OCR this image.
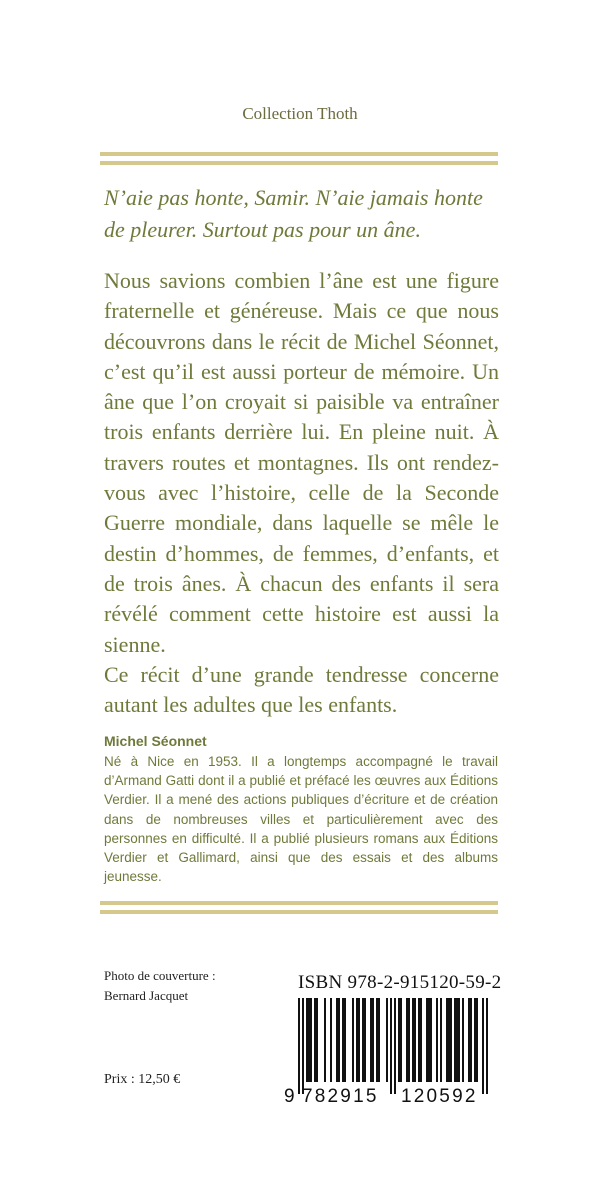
Collection Thoth
N’aie pas honte, Samir. N’aie jamais honte
de pleurer. Surtout pas pour un âne.

Nous savions combien l’âne est une figure fraternelle et généreuse. Mais ce que nous découvrons dans le récit de Michel Séonnet, c’est qu’il est aussi porteur de mémoire. Un âne que l’on croyait si paisible va entraîner trois enfants derrière lui. En pleine nuit. À travers routes et montagnes. Ils ont rendez-vous avec l’histoire, celle de la Seconde Guerre mondiale, dans laquelle se mêle le destin d’hommes, de femmes, d’enfants, et de trois ânes. À chacun des enfants il sera révélé comment cette histoire est aussi la sienne.

Ce récit d’une grande tendresse concerne autant les adultes que les enfants.

Michel Séonnet
Né à Nice en 1953. Il a longtemps accompagné le travail d’Armand Gatti dont il a publié et préfacé les œuvres aux Éditions Verdier. Il a mené des actions publiques d’écriture et de création dans de nombreuses villes et particulièrement avec des personnes en difficulté. Il a publié plusieurs romans aux Éditions Verdier et Gallimard, ainsi que des essais et des albums jeunesse.
Photo de couverture :
Bernard Jacquet
Prix : 12,50 €
ISBN 978-2-915120-59-2
9 782915 120592
